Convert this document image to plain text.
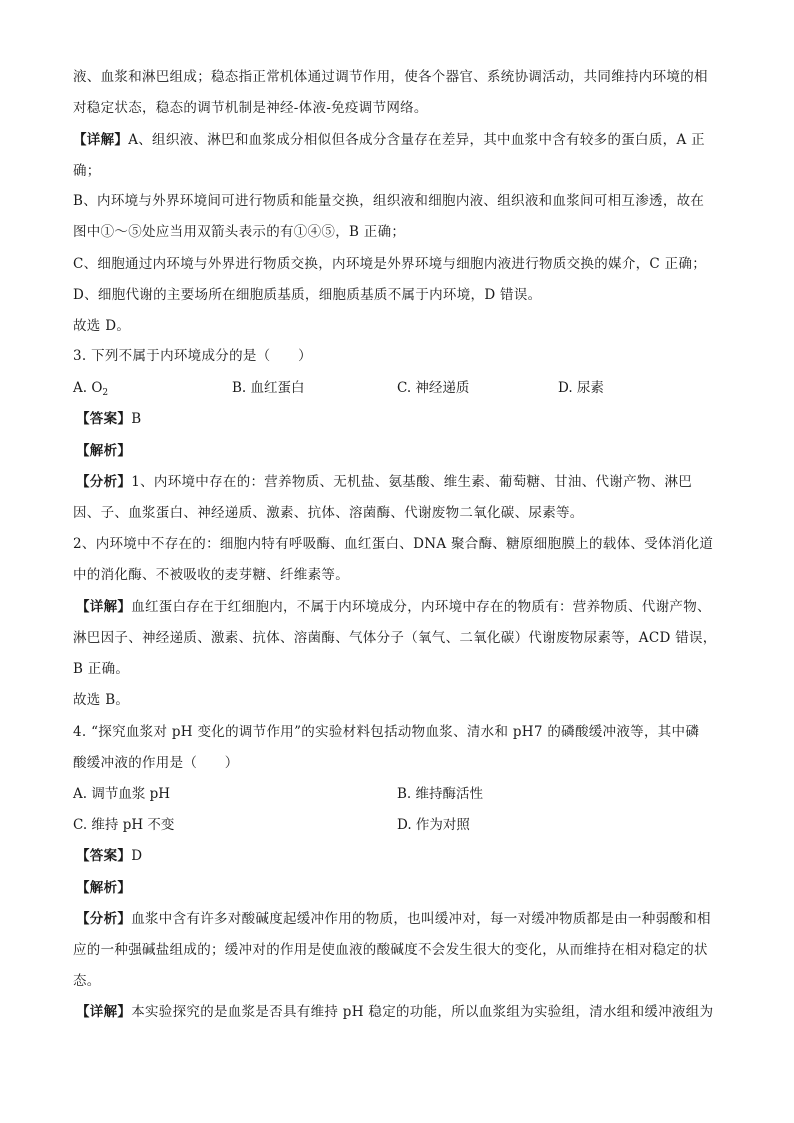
液、血浆和淋巴组成；稳态指正常机体通过调节作用，使各个器官、系统协调活动，共同维持内环境的相
对稳定状态，稳态的调节机制是神经-体液-免疫调节网络。
【详解】A、组织液、淋巴和血浆成分相似但各成分含量存在差异，其中血浆中含有较多的蛋白质，A 正
确；
B、内环境与外界环境间可进行物质和能量交换，组织液和细胞内液、组织液和血浆间可相互渗透，故在
图中①～⑤处应当用双箭头表示的有①④⑤，B 正确；
C、细胞通过内环境与外界进行物质交换，内环境是外界环境与细胞内液进行物质交换的媒介，C 正确；
D、细胞代谢的主要场所在细胞质基质，细胞质基质不属于内环境，D 错误。
故选 D。
3. 下列不属于内环境成分的是（　　）
A. $O_2$	B. 血红蛋白	C. 神经递质	D. 尿素
【答案】B
【解析】
【分析】1、内环境中存在的：营养物质、无机盐、氨基酸、维生素、葡萄糖、甘油、代谢产物、淋巴
因、子、血浆蛋白、神经递质、激素、抗体、溶菌酶、代谢废物二氧化碳、尿素等。
2、内环境中不存在的：细胞内特有呼吸酶、血红蛋白、DNA 聚合酶、糖原细胞膜上的载体、受体消化道
中的消化酶、不被吸收的麦芽糖、纤维素等。
【详解】血红蛋白存在于红细胞内，不属于内环境成分，内环境中存在的物质有：营养物质、代谢产物、
淋巴因子、神经递质、激素、抗体、溶菌酶、气体分子（氧气、二氧化碳）代谢废物尿素等，ACD 错误，
B 正确。
故选 B。
4. “探究血浆对 pH 变化的调节作用”的实验材料包括动物血浆、清水和 pH7 的磷酸缓冲液等，其中磷
酸缓冲液的作用是（　　）
A. 调节血浆 pH	B. 维持酶活性
C. 维持 pH 不变	D. 作为对照
【答案】D
【解析】
【分析】血浆中含有许多对酸碱度起缓冲作用的物质，也叫缓冲对，每一对缓冲物质都是由一种弱酸和相
应的一种强碱盐组成的；缓冲对的作用是使血液的酸碱度不会发生很大的变化，从而维持在相对稳定的状
态。
【详解】本实验探究的是血浆是否具有维持 pH 稳定的功能，所以血浆组为实验组，清水组和缓冲液组为
